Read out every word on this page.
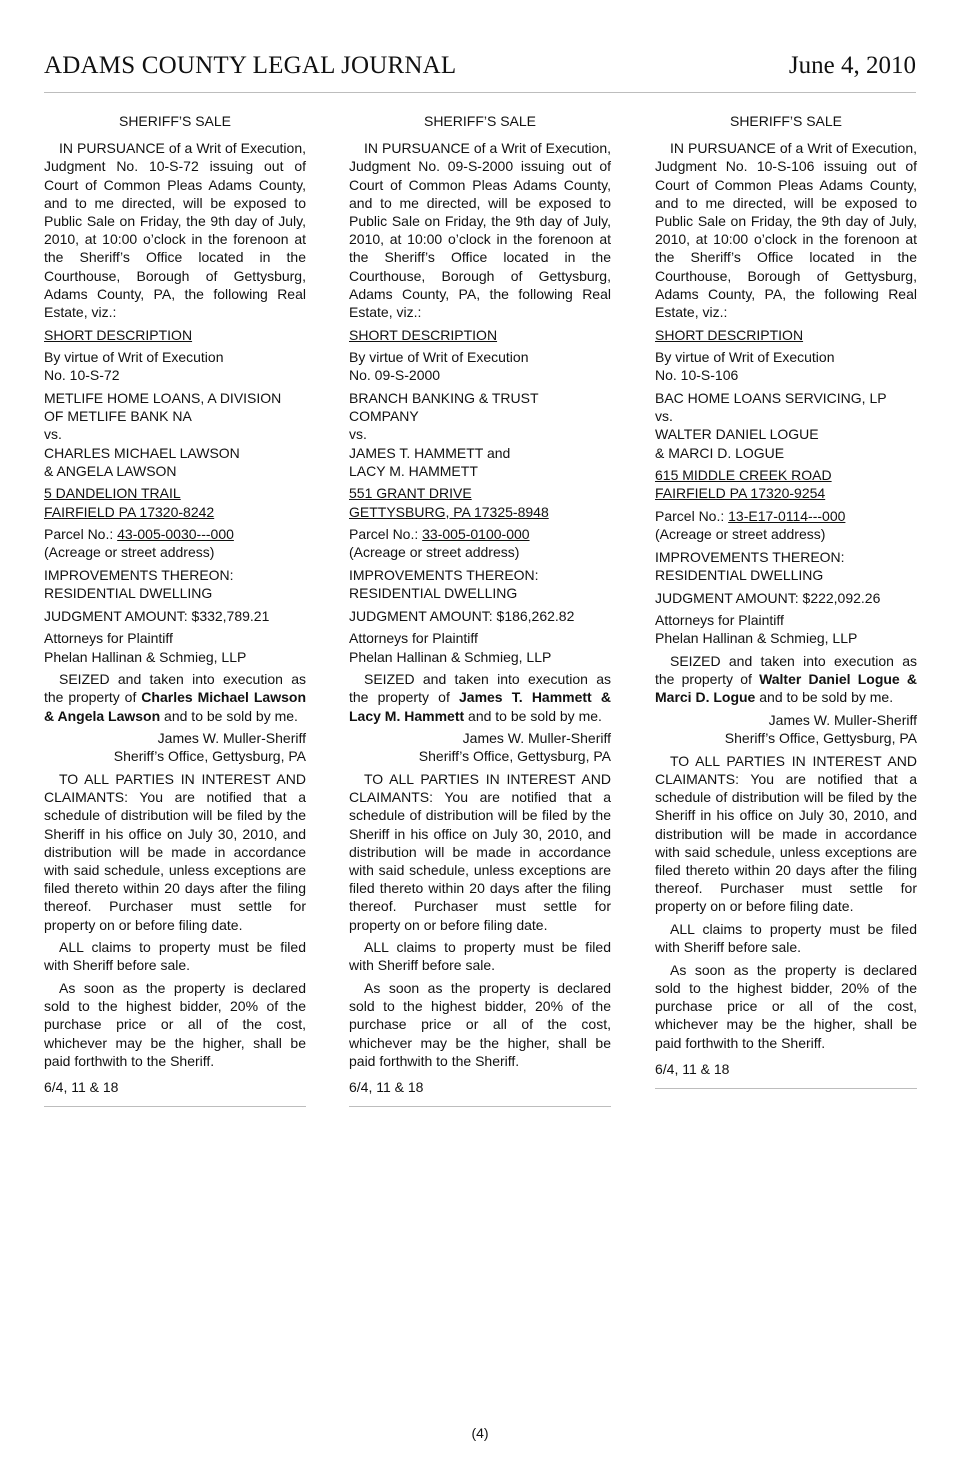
ADAMS COUNTY LEGAL JOURNAL	June 4, 2010

SHERIFF’S SALE

IN PURSUANCE of a Writ of Execution, Judgment No. 10-S-72 issuing out of Court of Common Pleas Adams County, and to me directed, will be exposed to Public Sale on Friday, the 9th day of July, 2010, at 10:00 o’clock in the forenoon at the Sheriff’s Office located in the Courthouse, Borough of Gettysburg, Adams County, PA, the following Real Estate, viz.:

SHORT DESCRIPTION

By virtue of Writ of Execution
No. 10-S-72

METLIFE HOME LOANS, A DIVISION
OF METLIFE BANK NA
vs.
CHARLES MICHAEL LAWSON
& ANGELA LAWSON

5 DANDELION TRAIL
FAIRFIELD PA 17320-8242

Parcel No.: 43-005-0030---000
(Acreage or street address)

IMPROVEMENTS THEREON:
RESIDENTIAL DWELLING

JUDGMENT AMOUNT: $332,789.21

Attorneys for Plaintiff
Phelan Hallinan & Schmieg, LLP

SEIZED and taken into execution as the property of Charles Michael Lawson & Angela Lawson and to be sold by me.

James W. Muller-Sheriff
Sheriff’s Office, Gettysburg, PA

TO ALL PARTIES IN INTEREST AND CLAIMANTS: You are notified that a schedule of distribution will be filed by the Sheriff in his office on July 30, 2010, and distribution will be made in accordance with said schedule, unless exceptions are filed thereto within 20 days after the filing thereof. Purchaser must settle for property on or before filing date.

ALL claims to property must be filed with Sheriff before sale.

As soon as the property is declared sold to the highest bidder, 20% of the purchase price or all of the cost, whichever may be the higher, shall be paid forthwith to the Sheriff.

6/4, 11 & 18

SHERIFF’S SALE

IN PURSUANCE of a Writ of Execution, Judgment No. 09-S-2000 issuing out of Court of Common Pleas Adams County, and to me directed, will be exposed to Public Sale on Friday, the 9th day of July, 2010, at 10:00 o’clock in the forenoon at the Sheriff’s Office located in the Courthouse, Borough of Gettysburg, Adams County, PA, the following Real Estate, viz.:

SHORT DESCRIPTION

By virtue of Writ of Execution
No. 09-S-2000

BRANCH BANKING & TRUST
COMPANY
vs.
JAMES T. HAMMETT and
LACY M. HAMMETT

551 GRANT DRIVE
GETTYSBURG, PA 17325-8948

Parcel No.: 33-005-0100-000
(Acreage or street address)

IMPROVEMENTS THEREON:
RESIDENTIAL DWELLING

JUDGMENT AMOUNT: $186,262.82

Attorneys for Plaintiff
Phelan Hallinan & Schmieg, LLP

SEIZED and taken into execution as the property of James T. Hammett & Lacy M. Hammett and to be sold by me.

James W. Muller-Sheriff
Sheriff’s Office, Gettysburg, PA

TO ALL PARTIES IN INTEREST AND CLAIMANTS: You are notified that a schedule of distribution will be filed by the Sheriff in his office on July 30, 2010, and distribution will be made in accordance with said schedule, unless exceptions are filed thereto within 20 days after the filing thereof. Purchaser must settle for property on or before filing date.

ALL claims to property must be filed with Sheriff before sale.

As soon as the property is declared sold to the highest bidder, 20% of the purchase price or all of the cost, whichever may be the higher, shall be paid forthwith to the Sheriff.

6/4, 11 & 18

SHERIFF’S SALE

IN PURSUANCE of a Writ of Execution, Judgment No. 10-S-106 issuing out of Court of Common Pleas Adams County, and to me directed, will be exposed to Public Sale on Friday, the 9th day of July, 2010, at 10:00 o’clock in the forenoon at the Sheriff’s Office located in the Courthouse, Borough of Gettysburg, Adams County, PA, the following Real Estate, viz.:

SHORT DESCRIPTION

By virtue of Writ of Execution
No. 10-S-106

BAC HOME LOANS SERVICING, LP
vs.
WALTER DANIEL LOGUE
& MARCI D. LOGUE

615 MIDDLE CREEK ROAD
FAIRFIELD PA 17320-9254

Parcel No.: 13-E17-0114---000
(Acreage or street address)

IMPROVEMENTS THEREON:
RESIDENTIAL DWELLING

JUDGMENT AMOUNT: $222,092.26

Attorneys for Plaintiff
Phelan Hallinan & Schmieg, LLP

SEIZED and taken into execution as the property of Walter Daniel Logue & Marci D. Logue and to be sold by me.

James W. Muller-Sheriff
Sheriff’s Office, Gettysburg, PA

TO ALL PARTIES IN INTEREST AND CLAIMANTS: You are notified that a schedule of distribution will be filed by the Sheriff in his office on July 30, 2010, and distribution will be made in accordance with said schedule, unless exceptions are filed thereto within 20 days after the filing thereof. Purchaser must settle for property on or before filing date.

ALL claims to property must be filed with Sheriff before sale.

As soon as the property is declared sold to the highest bidder, 20% of the purchase price or all of the cost, whichever may be the higher, shall be paid forthwith to the Sheriff.

6/4, 11 & 18

(4)
